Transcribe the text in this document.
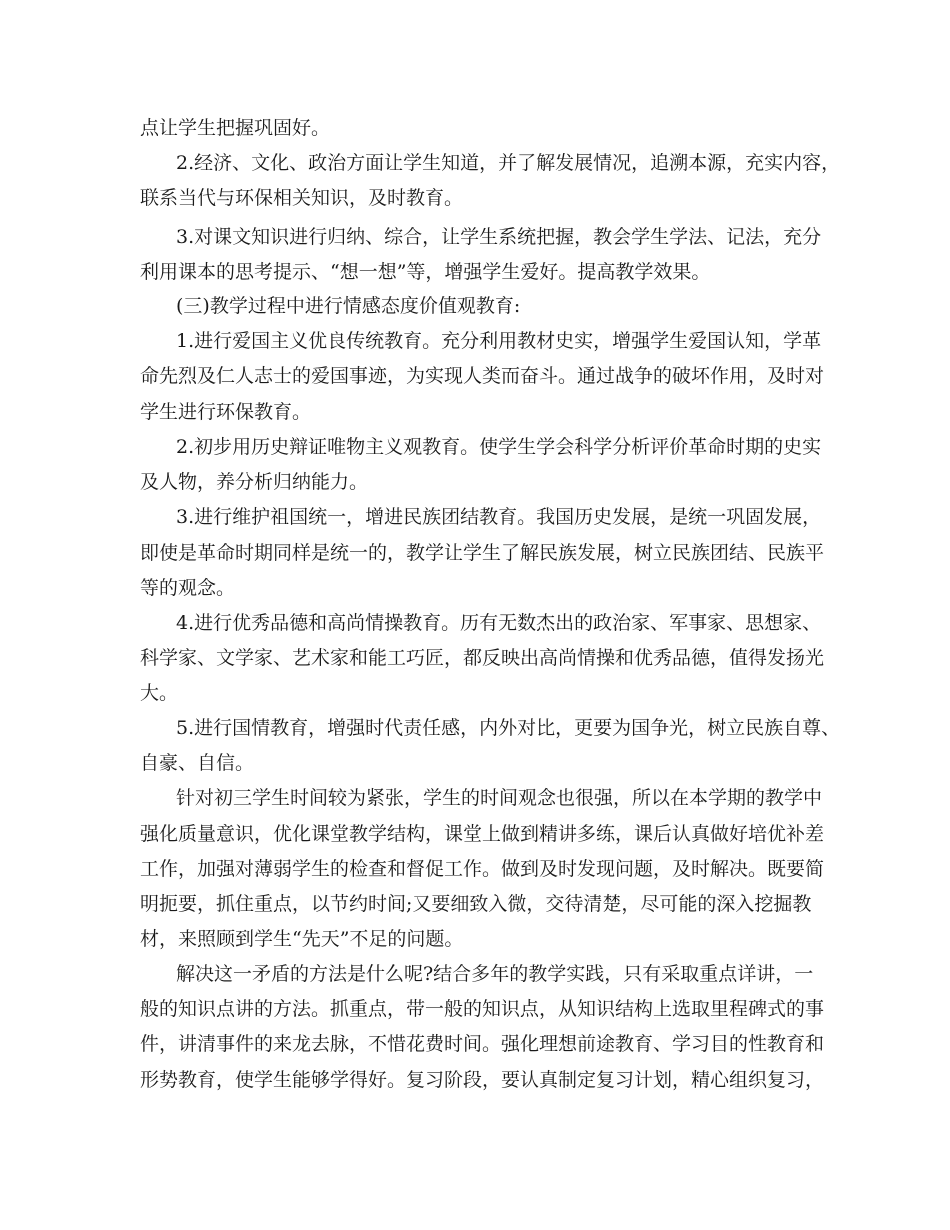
点让学生把握巩固好。
2.经济、文化、政治方面让学生知道，并了解发展情况，追溯本源，充实内容，
联系当代与环保相关知识，及时教育。
3.对课文知识进行归纳、综合，让学生系统把握，教会学生学法、记法，充分
利用课本的思考提示、“想一想”等，增强学生爱好。提高教学效果。
(三)教学过程中进行情感态度价值观教育:
1.进行爱国主义优良传统教育。充分利用教材史实，增强学生爱国认知，学革
命先烈及仁人志士的爱国事迹，为实现人类而奋斗。通过战争的破坏作用，及时对
学生进行环保教育。
2.初步用历史辩证唯物主义观教育。使学生学会科学分析评价革命时期的史实
及人物，养分析归纳能力。
3.进行维护祖国统一，增进民族团结教育。我国历史发展，是统一巩固发展，
即使是革命时期同样是统一的，教学让学生了解民族发展，树立民族团结、民族平
等的观念。
4.进行优秀品德和高尚情操教育。历有无数杰出的政治家、军事家、思想家、
科学家、文学家、艺术家和能工巧匠，都反映出高尚情操和优秀品德，值得发扬光
大。
5.进行国情教育，增强时代责任感，内外对比，更要为国争光，树立民族自尊、
自豪、自信。
针对初三学生时间较为紧张，学生的时间观念也很强，所以在本学期的教学中
强化质量意识，优化课堂教学结构，课堂上做到精讲多练，课后认真做好培优补差
工作，加强对薄弱学生的检查和督促工作。做到及时发现问题，及时解决。既要简
明扼要，抓住重点，以节约时间;又要细致入微，交待清楚，尽可能的深入挖掘教
材，来照顾到学生“先天”不足的问题。
解决这一矛盾的方法是什么呢?结合多年的教学实践，只有采取重点详讲，一
般的知识点讲的方法。抓重点，带一般的知识点，从知识结构上选取里程碑式的事
件，讲清事件的来龙去脉，不惜花费时间。强化理想前途教育、学习目的性教育和
形势教育，使学生能够学得好。复习阶段，要认真制定复习计划，精心组织复习，
